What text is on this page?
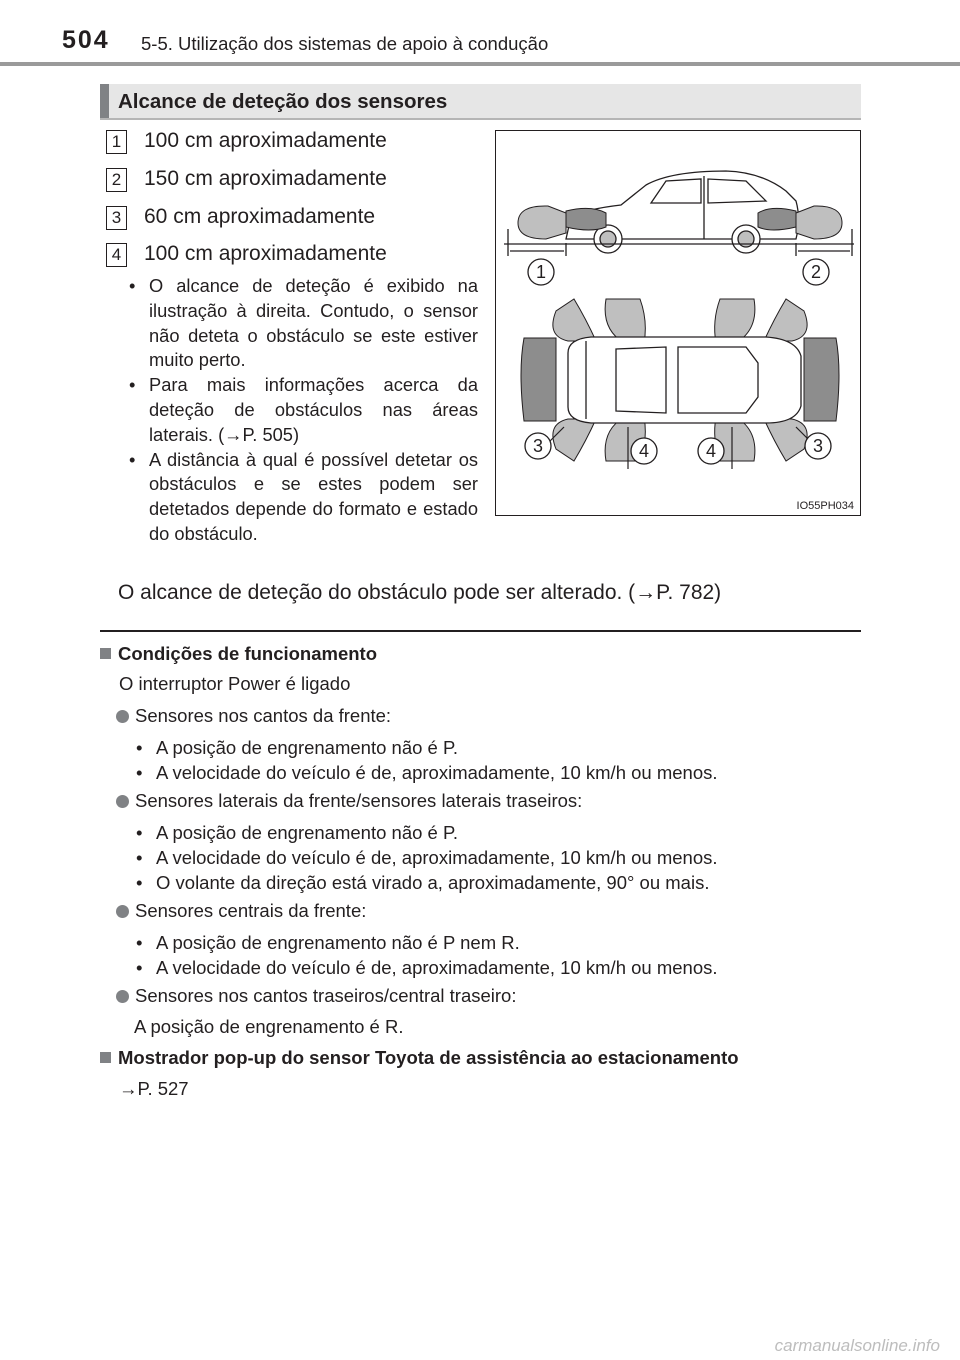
504 5-5. Utilização dos sistemas de apoio à condução
Alcance de deteção dos sensores
1 100 cm aproximadamente
2 150 cm aproximadamente
3 60 cm aproximadamente
4 100 cm aproximadamente
• O alcance de deteção é exibido na ilustração à direita. Contudo, o sensor não deteta o obstáculo se este estiver muito perto.
• Para mais informações acerca da deteção de obstáculos nas áreas laterais. (→P. 505)
• A distância à qual é possível detetar os obstáculos e se estes podem ser detetados depende do formato e estado do obstáculo.
O alcance de deteção do obstáculo pode ser alterado. (→P. 782)
1	2
3	4	4	3
IO55PH034
Condições de funcionamento
O interruptor Power é ligado
Sensores nos cantos da frente:
• A posição de engrenamento não é P.
• A velocidade do veículo é de, aproximadamente, 10 km/h ou menos.
Sensores laterais da frente/sensores laterais traseiros:
• A posição de engrenamento não é P.
• A velocidade do veículo é de, aproximadamente, 10 km/h ou menos.
• O volante da direção está virado a, aproximadamente, 90° ou mais.
Sensores centrais da frente:
• A posição de engrenamento não é P nem R.
• A velocidade do veículo é de, aproximadamente, 10 km/h ou menos.
Sensores nos cantos traseiros/central traseiro:
A posição de engrenamento é R.
Mostrador pop-up do sensor Toyota de assistência ao estacionamento
→P. 527
carmanualsonline.info
